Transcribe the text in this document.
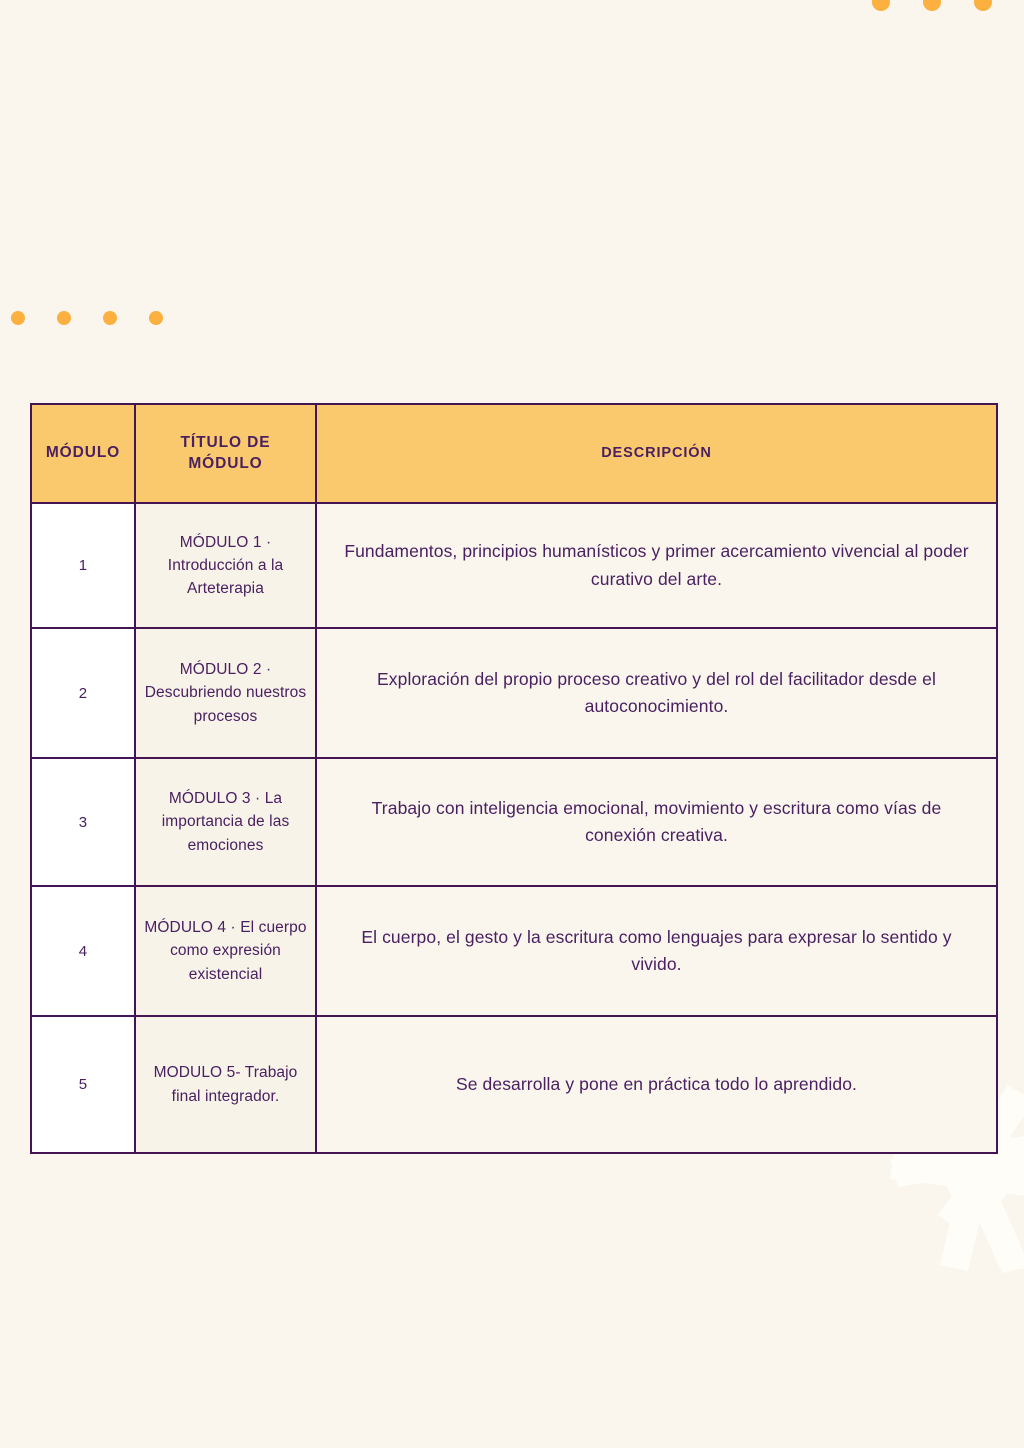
MÓDULO	TÍTULO DE MÓDULO	DESCRIPCIÓN
1	MÓDULO 1 · Introducción a la Arteterapia	Fundamentos, principios humanísticos y primer acercamiento vivencial al poder curativo del arte.
2	MÓDULO 2 · Descubriendo nuestros procesos	Exploración del propio proceso creativo y del rol del facilitador desde el autoconocimiento.
3	MÓDULO 3 · La importancia de las emociones	Trabajo con inteligencia emocional, movimiento y escritura como vías de conexión creativa.
4	MÓDULO 4 · El cuerpo como expresión existencial	El cuerpo, el gesto y la escritura como lenguajes para expresar lo sentido y vivido.
5	MODULO 5- Trabajo final integrador.	Se desarrolla y pone en práctica todo lo aprendido.
